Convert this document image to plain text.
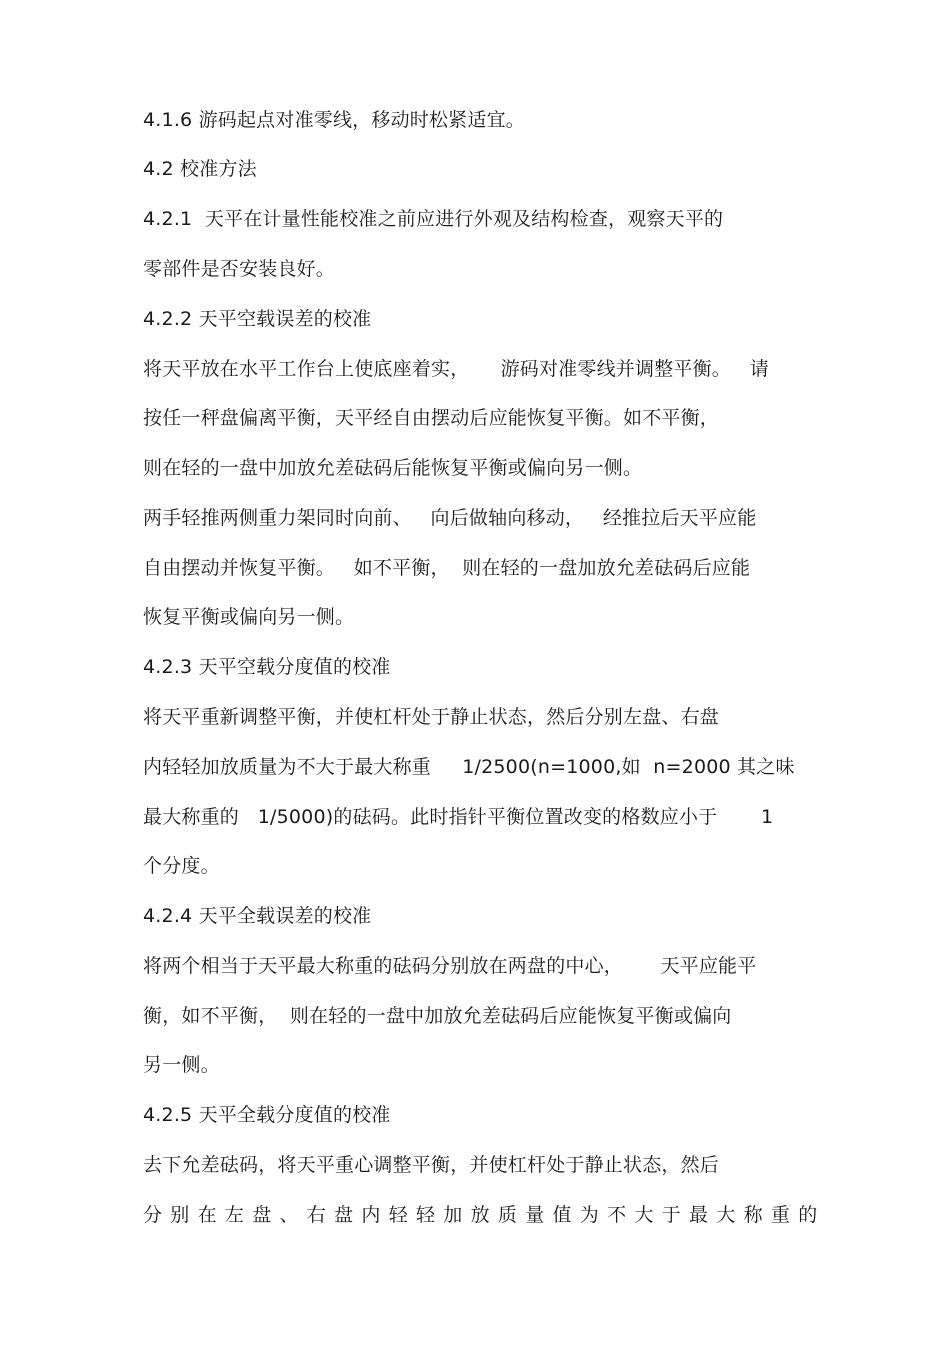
4.1.6 游码起点对准零线，移动时松紧适宜。
4.2 校准方法
4.2.1  天平在计量性能校准之前应进行外观及结构检查，观察天平的
零部件是否安装良好。
4.2.2 天平空载误差的校准
将天平放在水平工作台上使底座着实，     游码对准零线并调整平衡。   请
按任一秤盘偏离平衡，天平经自由摆动后应能恢复平衡。如不平衡，
则在轻的一盘中加放允差砝码后能恢复平衡或偏向另一侧。
两手轻推两侧重力架同时向前、   向后做轴向移动，   经推拉后天平应能
自由摆动并恢复平衡。   如不平衡，  则在轻的一盘加放允差砝码后应能
恢复平衡或偏向另一侧。
4.2.3 天平空载分度值的校准
将天平重新调整平衡，并使杠杆处于静止状态，然后分别左盘、右盘
内轻轻加放质量为不大于最大称重     1/2500(n=1000,如  n=2000 其之味
最大称重的   1/5000)的砝码。此时指针平衡位置改变的格数应小于       1
个分度。
4.2.4 天平全载误差的校准
将两个相当于天平最大称重的砝码分别放在两盘的中心，      天平应能平
衡，如不平衡，  则在轻的一盘中加放允差砝码后应能恢复平衡或偏向
另一侧。
4.2.5 天平全载分度值的校准
去下允差砝码，将天平重心调整平衡，并使杠杆处于静止状态，然后
分别在左盘、右盘内轻轻加放质量值为不大于最大称重的
